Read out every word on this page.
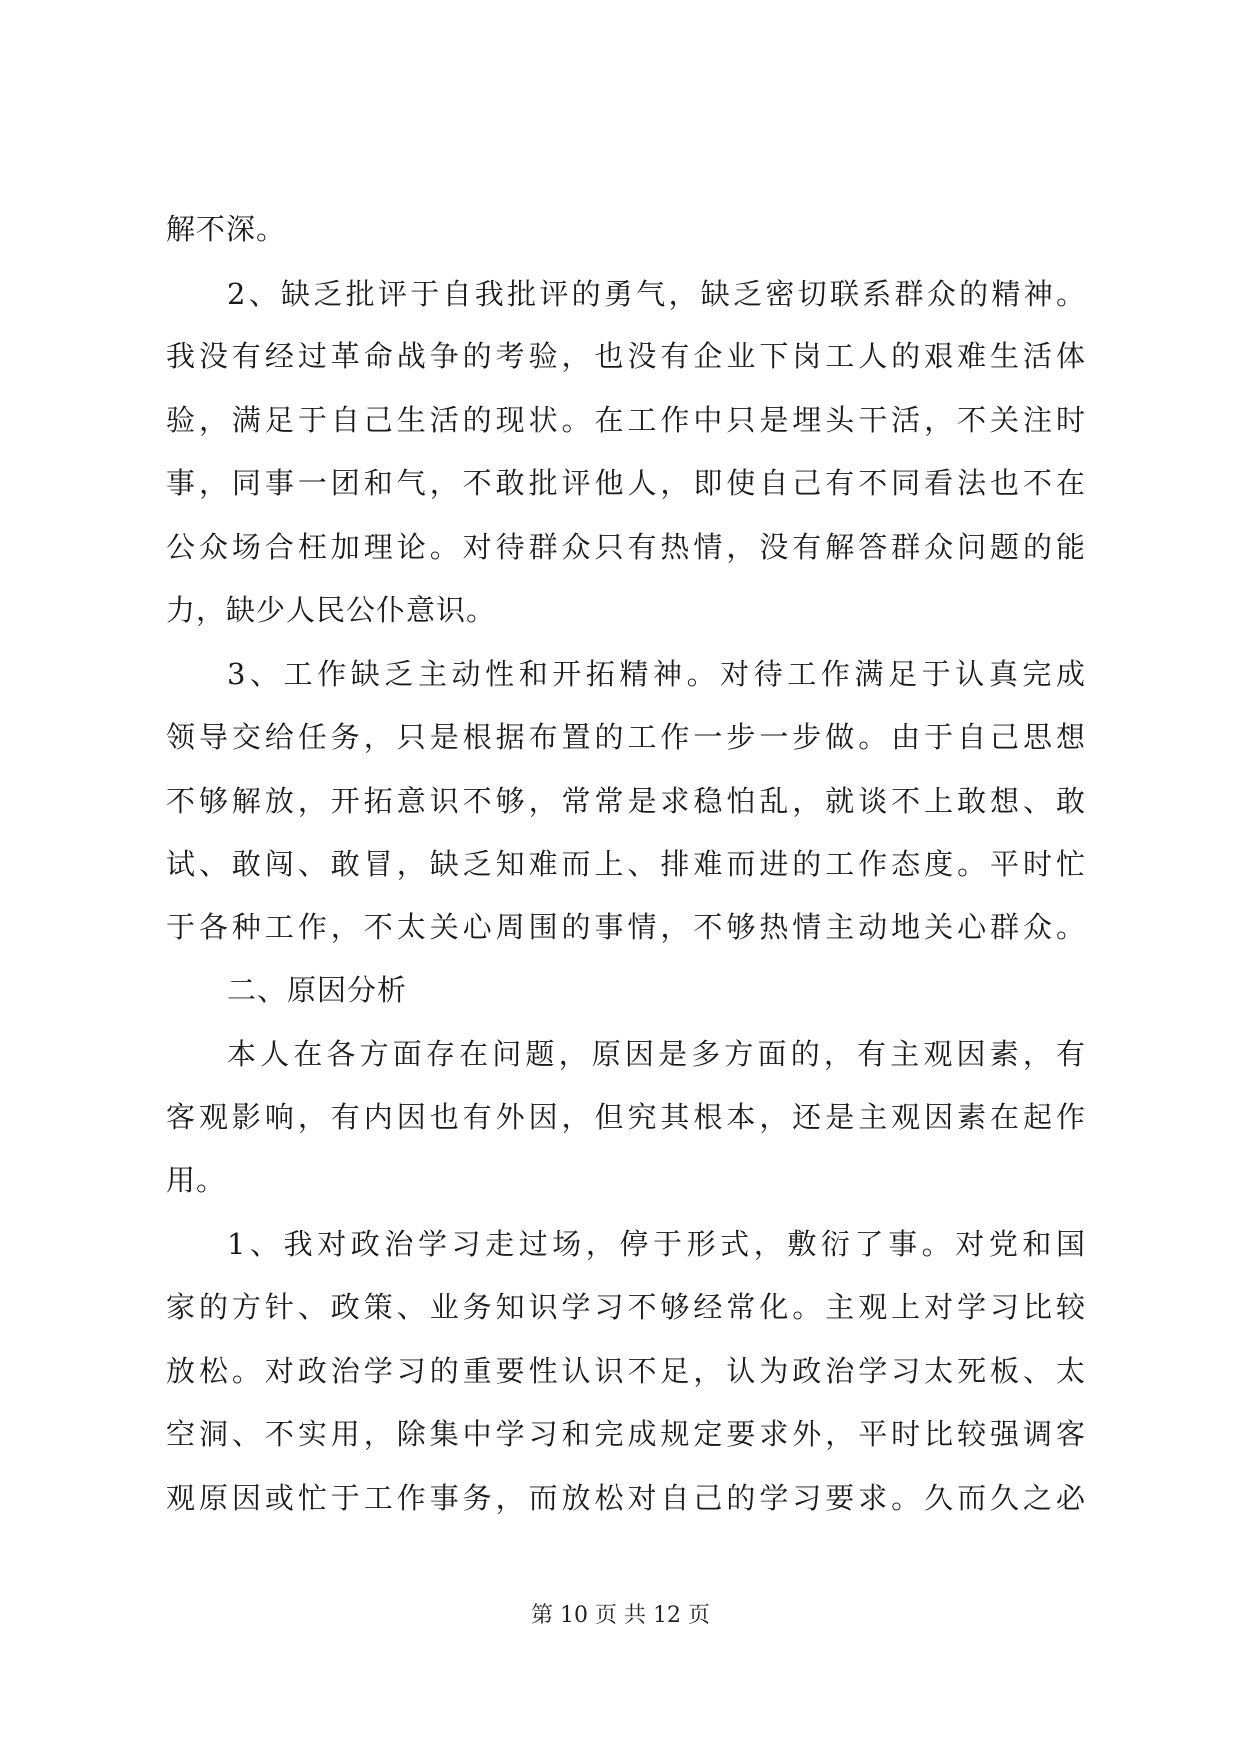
解不深。
2、缺乏批评于自我批评的勇气，缺乏密切联系群众的精神。
我没有经过革命战争的考验，也没有企业下岗工人的艰难生活体
验，满足于自己生活的现状。在工作中只是埋头干活，不关注时
事，同事一团和气，不敢批评他人，即使自己有不同看法也不在
公众场合枉加理论。对待群众只有热情，没有解答群众问题的能
力，缺少人民公仆意识。
3、工作缺乏主动性和开拓精神。对待工作满足于认真完成
领导交给任务，只是根据布置的工作一步一步做。由于自己思想
不够解放，开拓意识不够，常常是求稳怕乱，就谈不上敢想、敢
试、敢闯、敢冒，缺乏知难而上、排难而进的工作态度。平时忙
于各种工作，不太关心周围的事情，不够热情主动地关心群众。
二、原因分析
本人在各方面存在问题，原因是多方面的，有主观因素，有
客观影响，有内因也有外因，但究其根本，还是主观因素在起作
用。
1、我对政治学习走过场，停于形式，敷衍了事。对党和国
家的方针、政策、业务知识学习不够经常化。主观上对学习比较
放松。对政治学习的重要性认识不足，认为政治学习太死板、太
空洞、不实用，除集中学习和完成规定要求外，平时比较强调客
观原因或忙于工作事务，而放松对自己的学习要求。久而久之必
第 10 页 共 12 页
